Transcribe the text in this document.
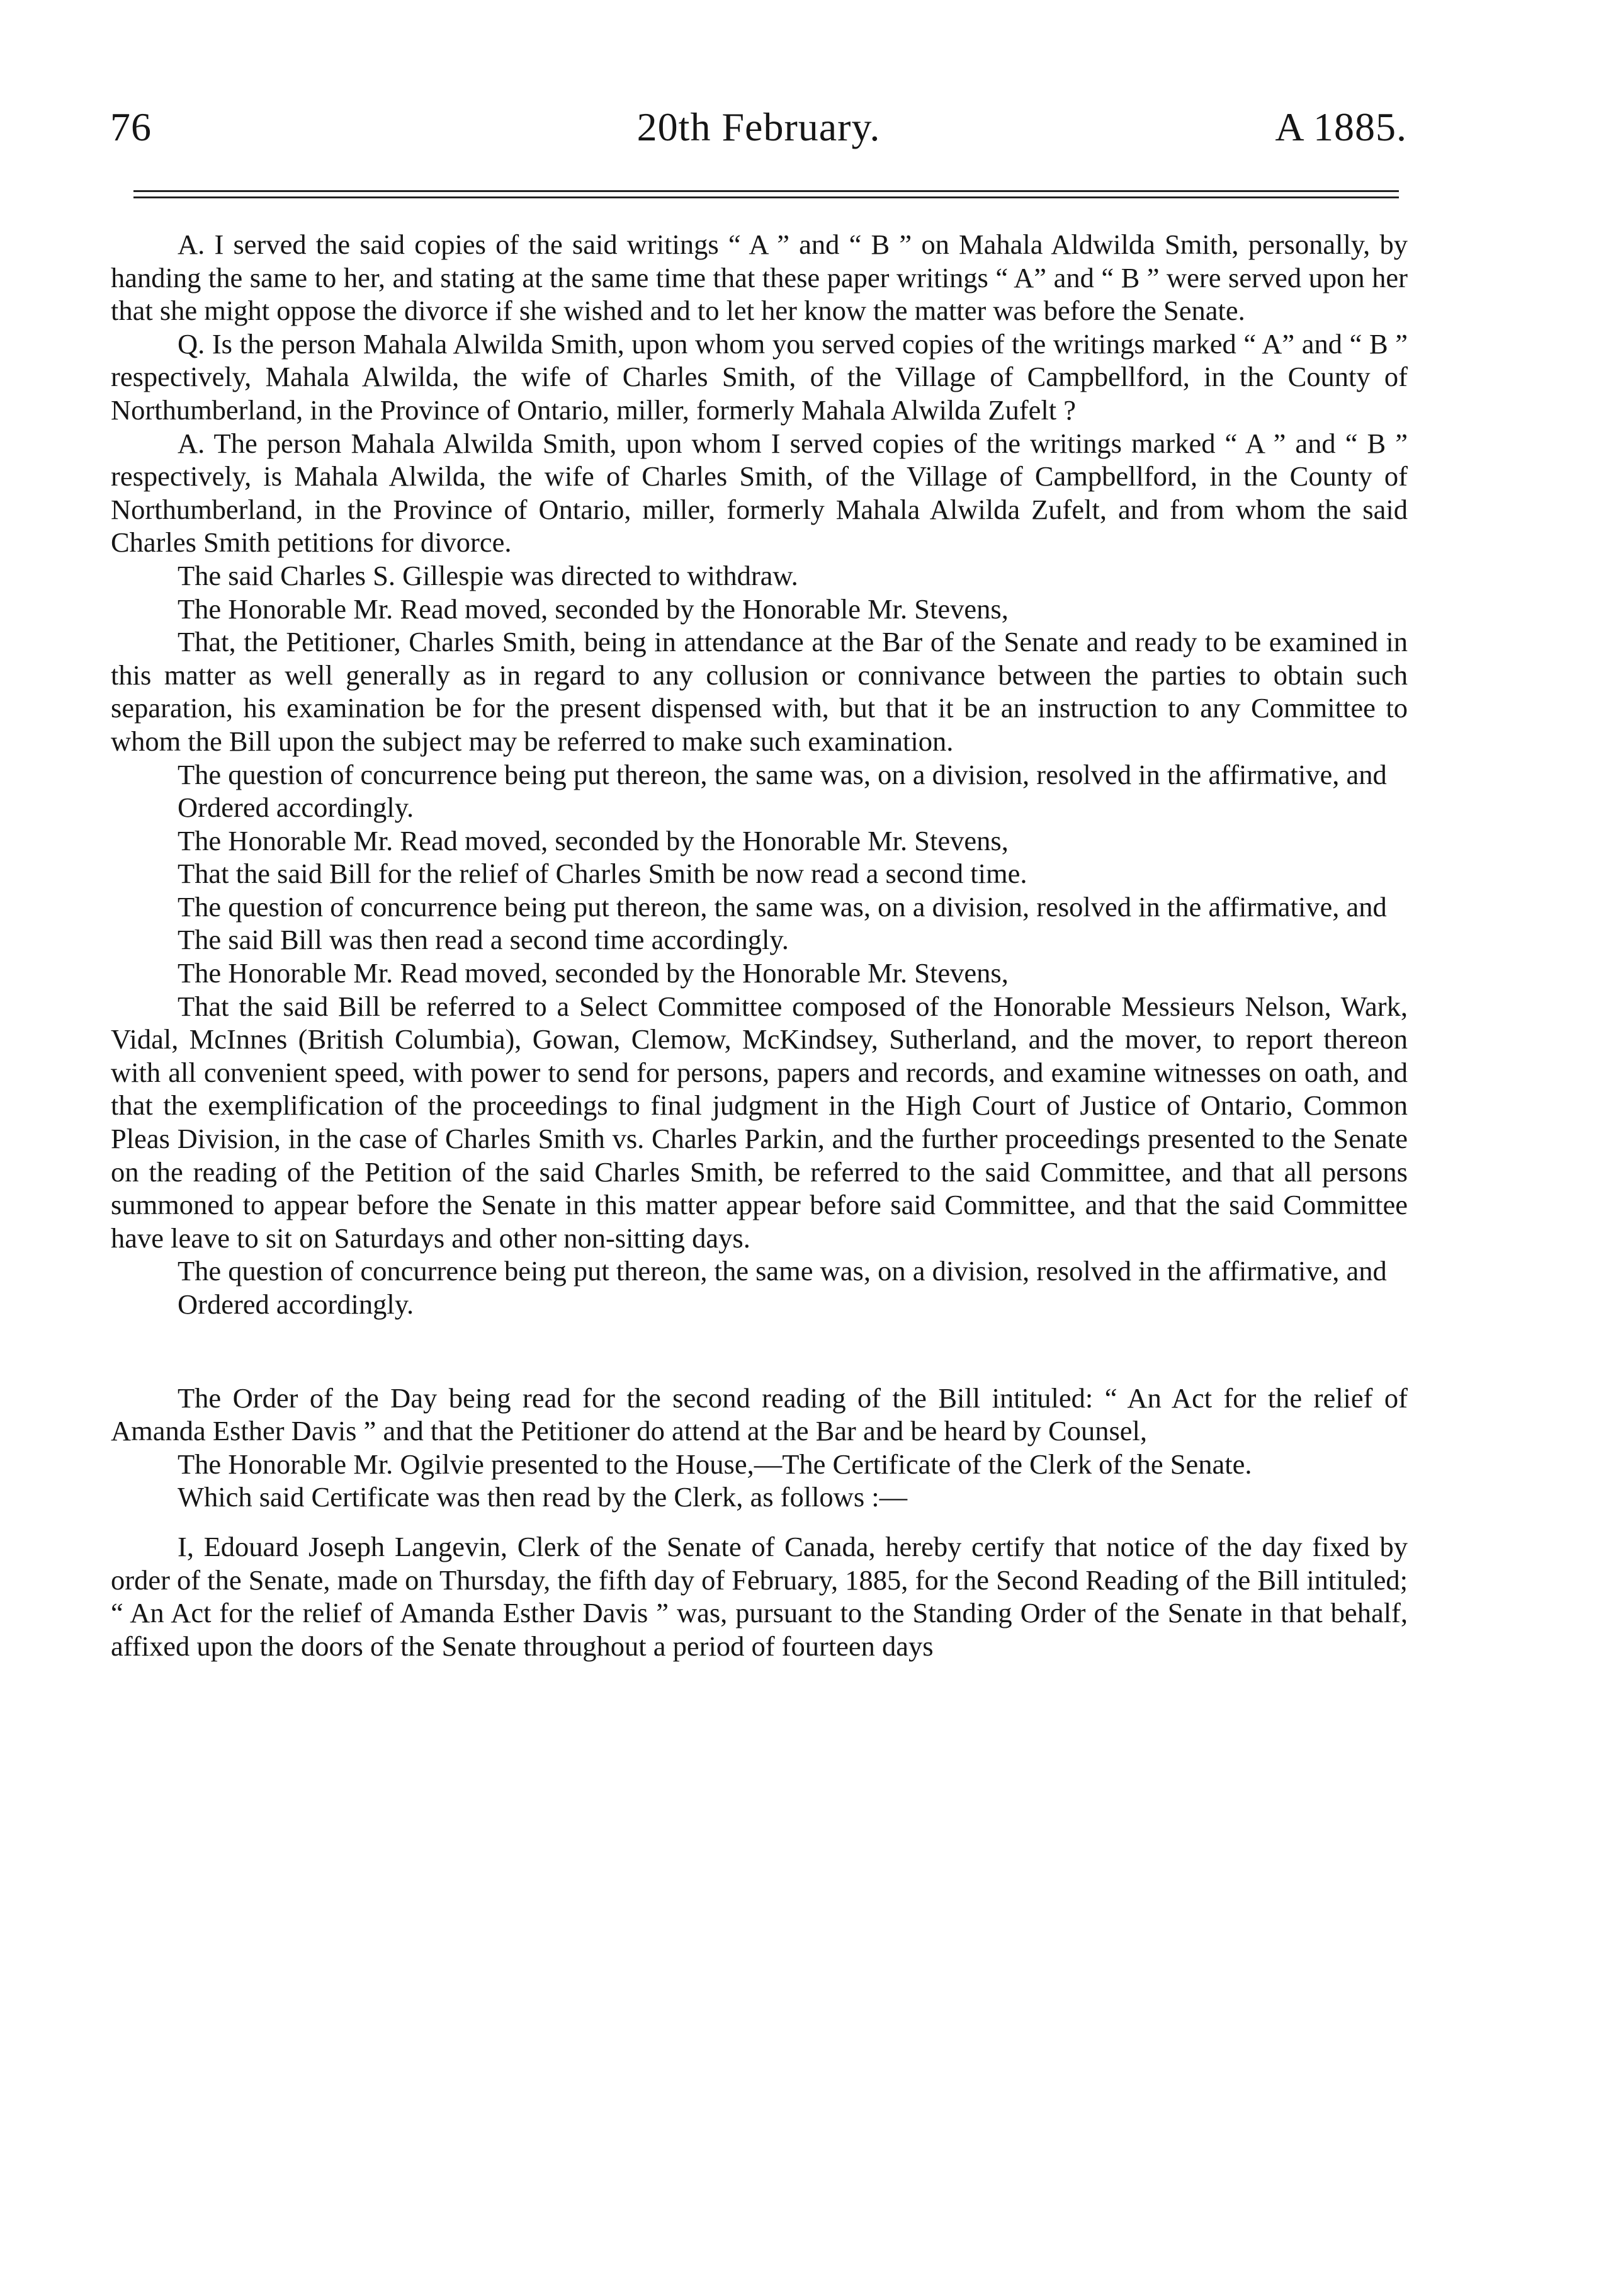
76	20th February.	A 1885.

A. I served the said copies of the said writings “ A ” and “ B ” on Mahala Aldwilda Smith, personally, by handing the same to her, and stating at the same time that these paper writings “ A” and “ B ” were served upon her that she might oppose the divorce if she wished and to let her know the matter was before the Senate.

Q. Is the person Mahala Alwilda Smith, upon whom you served copies of the writings marked “ A” and “ B ” respectively, Mahala Alwilda, the wife of Charles Smith, of the Village of Campbellford, in the County of Northumberland, in the Province of Ontario, miller, formerly Mahala Alwilda Zufelt ?

A. The person Mahala Alwilda Smith, upon whom I served copies of the writings marked “ A ” and “ B ” respectively, is Mahala Alwilda, the wife of Charles Smith, of the Village of Campbellford, in the County of Northumberland, in the Province of Ontario, miller, formerly Mahala Alwilda Zufelt, and from whom the said Charles Smith petitions for divorce.

The said Charles S. Gillespie was directed to withdraw.

The Honorable Mr. Read moved, seconded by the Honorable Mr. Stevens,

That, the Petitioner, Charles Smith, being in attendance at the Bar of the Senate and ready to be examined in this matter as well generally as in regard to any collusion or connivance between the parties to obtain such separation, his examination be for the present dispensed with, but that it be an instruction to any Committee to whom the Bill upon the subject may be referred to make such examination.

The question of concurrence being put thereon, the same was, on a division, resolved in the affirmative, and

Ordered accordingly.

The Honorable Mr. Read moved, seconded by the Honorable Mr. Stevens,

That the said Bill for the relief of Charles Smith be now read a second time.

The question of concurrence being put thereon, the same was, on a division, resolved in the affirmative, and

The said Bill was then read a second time accordingly.

The Honorable Mr. Read moved, seconded by the Honorable Mr. Stevens,

That the said Bill be referred to a Select Committee composed of the Honorable Messieurs Nelson, Wark, Vidal, McInnes (British Columbia), Gowan, Clemow, McKindsey, Sutherland, and the mover, to report thereon with all convenient speed, with power to send for persons, papers and records, and examine witnesses on oath, and that the exemplification of the proceedings to final judgment in the High Court of Justice of Ontario, Common Pleas Division, in the case of Charles Smith vs. Charles Parkin, and the further proceedings presented to the Senate on the reading of the Petition of the said Charles Smith, be referred to the said Committee, and that all persons summoned to appear before the Senate in this matter appear before said Committee, and that the said Committee have leave to sit on Saturdays and other non-sitting days.

The question of concurrence being put thereon, the same was, on a division, resolved in the affirmative, and

Ordered accordingly.

The Order of the Day being read for the second reading of the Bill intituled: “ An Act for the relief of Amanda Esther Davis ” and that the Petitioner do attend at the Bar and be heard by Counsel,

The Honorable Mr. Ogilvie presented to the House,—The Certificate of the Clerk of the Senate.

Which said Certificate was then read by the Clerk, as follows :—

I, Edouard Joseph Langevin, Clerk of the Senate of Canada, hereby certify that notice of the day fixed by order of the Senate, made on Thursday, the fifth day of February, 1885, for the Second Reading of the Bill intituled; “ An Act for the relief of Amanda Esther Davis ” was, pursuant to the Standing Order of the Senate in that behalf, affixed upon the doors of the Senate throughout a period of fourteen days
